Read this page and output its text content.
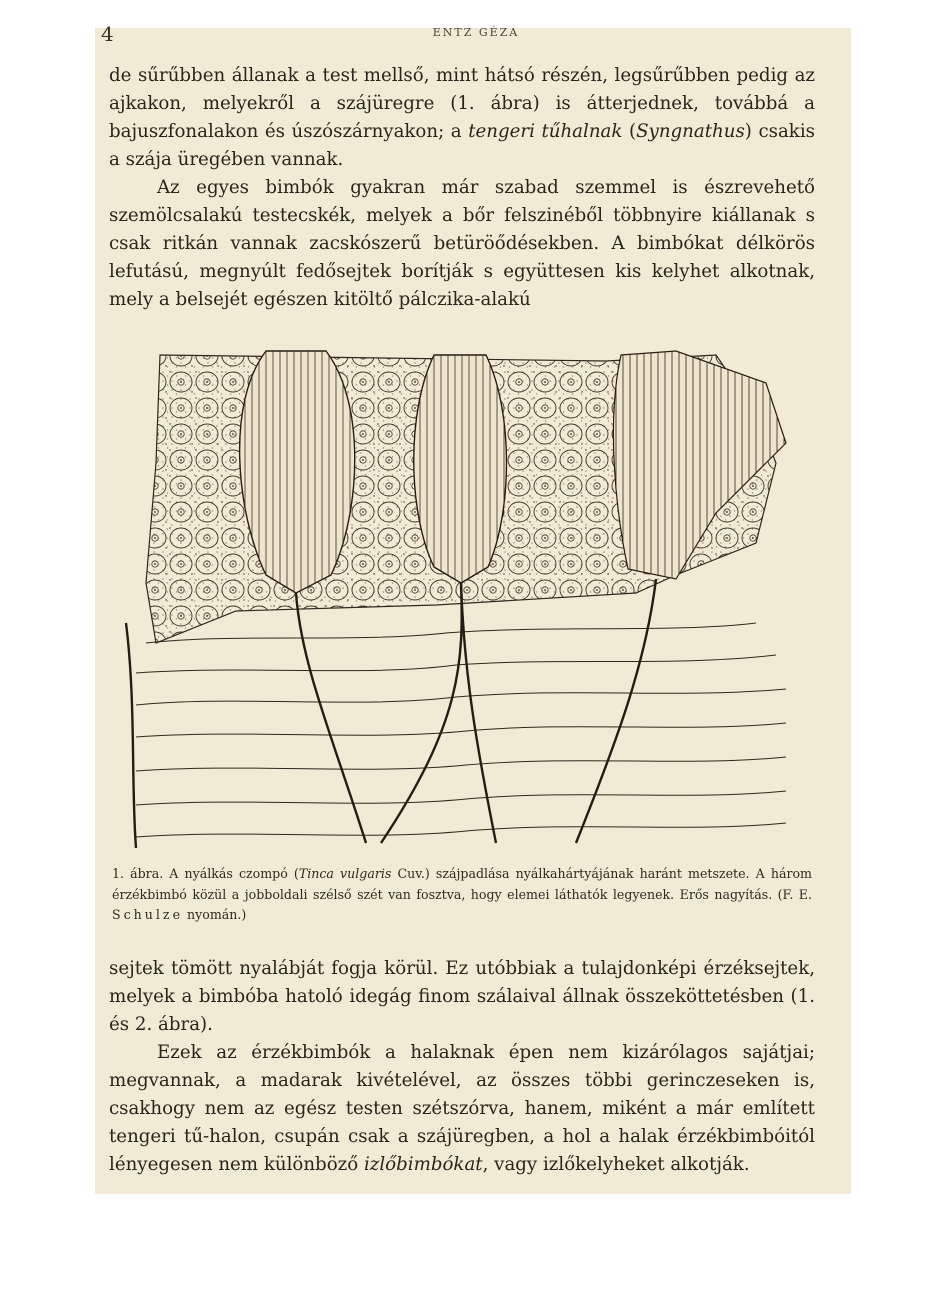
4	ENTZ GÉZA

de sűrűbben állanak a test mellső, mint hátsó részén, legsűrűbben pedig az ajkakon, melyekről a szájüregre (1. ábra) is átterjednek, továbbá a bajuszfonalakon és úszószárnyakon; a tengeri tűhalnak (Syngnathus) csakis a szája üregében vannak.

Az egyes bimbók gyakran már szabad szemmel is észrevehető szemölcsalakú testecskék, melyek a bőr felszinéből többnyire kiállanak s csak ritkán vannak zacskószerű betüröődésekben. A bimbókat délkörös lefutású, megnyúlt fedősejtek borítják s együttesen kis kelyhet alkotnak, mely a belsejét egészen kitöltő pálczika-alakú

1. ábra. A nyálkás czompó (Tinca vulgaris Cuv.) szájpadlása nyálkahártyájának haránt metszete. A három érzékbimbó közül a jobboldali szélső szét van fosztva, hogy elemei láthatók legyenek. Erős nagyítás. (F. E. Schulze nyomán.)

sejtek tömött nyalábját fogja körül. Ez utóbbiak a tulajdonképi érzéksejtek, melyek a bimbóba hatoló idegág finom szálaival állnak összeköttetésben (1. és 2. ábra).

Ezek az érzékbimbók a halaknak épen nem kizárólagos sajátjai; megvannak, a madarak kivételével, az összes többi gerinczeseken is, csakhogy nem az egész testen szétszórva, hanem, miként a már említett tengeri tű-halon, csupán csak a szájüregben, a hol a halak érzékbimbóitól lényegesen nem különböző izlőbimbókat, vagy izlőkelyheket alkotják.
